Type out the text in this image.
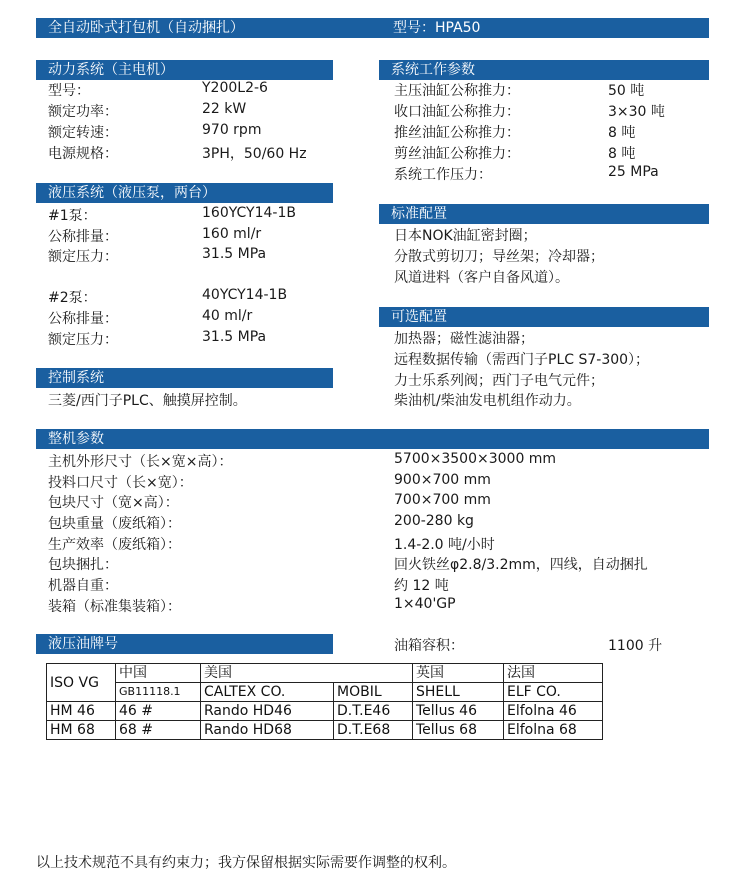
全自动卧式打包机（自动捆扎）	型号：HPA50
动力系统（主电机）
型号：	Y200L2-6
额定功率：	22 kW
额定转速：	970 rpm
电源规格：	3PH，50/60 Hz
系统工作参数
主压油缸公称推力：	50 吨
收口油缸公称推力：	3×30 吨
推丝油缸公称推力：	8 吨
剪丝油缸公称推力：	8 吨
系统工作压力：	25 MPa
液压系统（液压泵，两台）
#1泵：	160YCY14-1B
公称排量：	160 ml/r
额定压力：	31.5 MPa
#2泵：	40YCY14-1B
公称排量：	40 ml/r
额定压力：	31.5 MPa
标准配置
日本NOK油缸密封圈；
分散式剪切刀；导丝架；冷却器；
风道进料（客户自备风道）。
可选配置
加热器；磁性滤油器；
远程数据传输（需西门子PLC S7-300）；
力士乐系列阀；西门子电气元件；
柴油机/柴油发电机组作动力。
控制系统
三菱/西门子PLC、触摸屏控制。
整机参数
主机外形尺寸（长×宽×高）：	5700×3500×3000 mm
投料口尺寸（长×宽）：	900×700 mm
包块尺寸（宽×高）：	700×700 mm
包块重量（废纸箱）：	200-280 kg
生产效率（废纸箱）：	1.4-2.0 吨/小时
包块捆扎：	回火铁丝φ2.8/3.2mm，四线，自动捆扎
机器自重：	约 12 吨
装箱（标准集装箱）：	1×40'GP
液压油牌号	油箱容积：	1100 升
ISO VG	中国	美国		英国	法国
	GB11118.1	CALTEX CO.	MOBIL	SHELL	ELF CO.
HM 46	46 #	Rando HD46	D.T.E46	Tellus 46	Elfolna 46
HM 68	68 #	Rando HD68	D.T.E68	Tellus 68	Elfolna 68
以上技术规范不具有约束力；我方保留根据实际需要作调整的权利。
